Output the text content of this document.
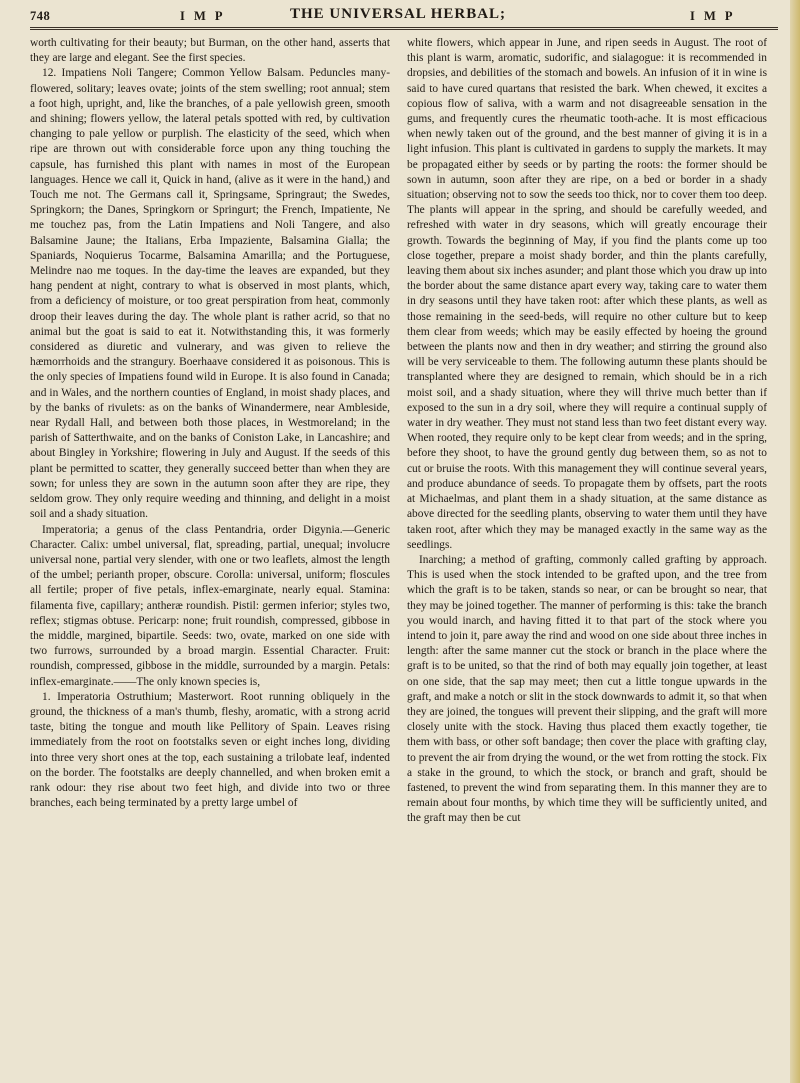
748	I M P	THE UNIVERSAL HERBAL;	I M P

worth cultivating for their beauty; but Burman, on the other hand, asserts that they are large and elegant. See the first species.

12. Impatiens Noli Tangere; Common Yellow Balsam. Peduncles many-flowered, solitary; leaves ovate; joints of the stem swelling; root annual; stem a foot high, upright, and, like the branches, of a pale yellowish green, smooth and shining; flowers yellow, the lateral petals spotted with red, by cultivation changing to pale yellow or purplish. The elasticity of the seed, which when ripe are thrown out with considerable force upon any thing touching the capsule, has furnished this plant with names in most of the European languages. Hence we call it, Quick in hand, (alive as it were in the hand,) and Touch me not. The Germans call it, Springsame, Springraut; the Swedes, Springkorn; the Danes, Springkorn or Springurt; the French, Impatiente, Ne me touchez pas, from the Latin Impatiens and Noli Tangere, and also Balsamine Jaune; the Italians, Erba Impaziente, Balsamina Gialla; the Spaniards, Noquierus Tocarme, Balsamina Amarilla; and the Portuguese, Melindre nao me toques. In the day-time the leaves are expanded, but they hang pendent at night, contrary to what is observed in most plants, which, from a deficiency of moisture, or too great perspiration from heat, commonly droop their leaves during the day. The whole plant is rather acrid, so that no animal but the goat is said to eat it. Notwithstanding this, it was formerly considered as diuretic and vulnerary, and was given to relieve the hæmorrhoids and the strangury. Boerhaave considered it as poisonous. This is the only species of Impatiens found wild in Europe. It is also found in Canada; and in Wales, and the northern counties of England, in moist shady places, and by the banks of rivulets: as on the banks of Winandermere, near Ambleside, near Rydall Hall, and between both those places, in Westmoreland; in the parish of Satterthwaite, and on the banks of Coniston Lake, in Lancashire; and about Bingley in Yorkshire; flowering in July and August. If the seeds of this plant be permitted to scatter, they generally succeed better than when they are sown; for unless they are sown in the autumn soon after they are ripe, they seldom grow. They only require weeding and thinning, and delight in a moist soil and a shady situation.

Imperatoria; a genus of the class Pentandria, order Digynia.—Generic Character. Calix: umbel universal, flat, spreading, partial, unequal; involucre universal none, partial very slender, with one or two leaflets, almost the length of the umbel; perianth proper, obscure. Corolla: universal, uniform; floscules all fertile; proper of five petals, inflex-emarginate, nearly equal. Stamina: filamenta five, capillary; antheræ roundish. Pistil: germen inferior; styles two, reflex; stigmas obtuse. Pericarp: none; fruit roundish, compressed, gibbose in the middle, margined, bipartile. Seeds: two, ovate, marked on one side with two furrows, surrounded by a broad margin. Essential Character. Fruit: roundish, compressed, gibbose in the middle, surrounded by a margin. Petals: inflex-emarginate.——The only known species is,

1. Imperatoria Ostruthium; Masterwort. Root running obliquely in the ground, the thickness of a man's thumb, fleshy, aromatic, with a strong acrid taste, biting the tongue and mouth like Pellitory of Spain. Leaves rising immediately from the root on footstalks seven or eight inches long, dividing into three very short ones at the top, each sustaining a trilobate leaf, indented on the border. The footstalks are deeply channelled, and when broken emit a rank odour: they rise about two feet high, and divide into two or three branches, each being terminated by a pretty large umbel of

white flowers, which appear in June, and ripen seeds in August. The root of this plant is warm, aromatic, sudorific, and sialagogue: it is recommended in dropsies, and debilities of the stomach and bowels. An infusion of it in wine is said to have cured quartans that resisted the bark. When chewed, it excites a copious flow of saliva, with a warm and not disagreeable sensation in the gums, and frequently cures the rheumatic tooth-ache. It is most efficacious when newly taken out of the ground, and the best manner of giving it is in a light infusion. This plant is cultivated in gardens to supply the markets. It may be propagated either by seeds or by parting the roots: the former should be sown in autumn, soon after they are ripe, on a bed or border in a shady situation; observing not to sow the seeds too thick, nor to cover them too deep. The plants will appear in the spring, and should be carefully weeded, and refreshed with water in dry seasons, which will greatly encourage their growth. Towards the beginning of May, if you find the plants come up too close together, prepare a moist shady border, and thin the plants carefully, leaving them about six inches asunder; and plant those which you draw up into the border about the same distance apart every way, taking care to water them in dry seasons until they have taken root: after which these plants, as well as those remaining in the seed-beds, will require no other culture but to keep them clear from weeds; which may be easily effected by hoeing the ground between the plants now and then in dry weather; and stirring the ground also will be very serviceable to them. The following autumn these plants should be transplanted where they are designed to remain, which should be in a rich moist soil, and a shady situation, where they will thrive much better than if exposed to the sun in a dry soil, where they will require a continual supply of water in dry weather. They must not stand less than two feet distant every way. When rooted, they require only to be kept clear from weeds; and in the spring, before they shoot, to have the ground gently dug between them, so as not to cut or bruise the roots. With this management they will continue several years, and produce abundance of seeds. To propagate them by offsets, part the roots at Michaelmas, and plant them in a shady situation, at the same distance as above directed for the seedling plants, observing to water them until they have taken root, after which they may be managed exactly in the same way as the seedlings.

Inarching; a method of grafting, commonly called grafting by approach. This is used when the stock intended to be grafted upon, and the tree from which the graft is to be taken, stands so near, or can be brought so near, that they may be joined together. The manner of performing is this: take the branch you would inarch, and having fitted it to that part of the stock where you intend to join it, pare away the rind and wood on one side about three inches in length: after the same manner cut the stock or branch in the place where the graft is to be united, so that the rind of both may equally join together, at least on one side, that the sap may meet; then cut a little tongue upwards in the graft, and make a notch or slit in the stock downwards to admit it, so that when they are joined, the tongues will prevent their slipping, and the graft will more closely unite with the stock. Having thus placed them exactly together, tie them with bass, or other soft bandage; then cover the place with grafting clay, to prevent the air from drying the wound, or the wet from rotting the stock. Fix a stake in the ground, to which the stock, or branch and graft, should be fastened, to prevent the wind from separating them. In this manner they are to remain about four months, by which time they will be sufficiently united, and the graft may then be cut
